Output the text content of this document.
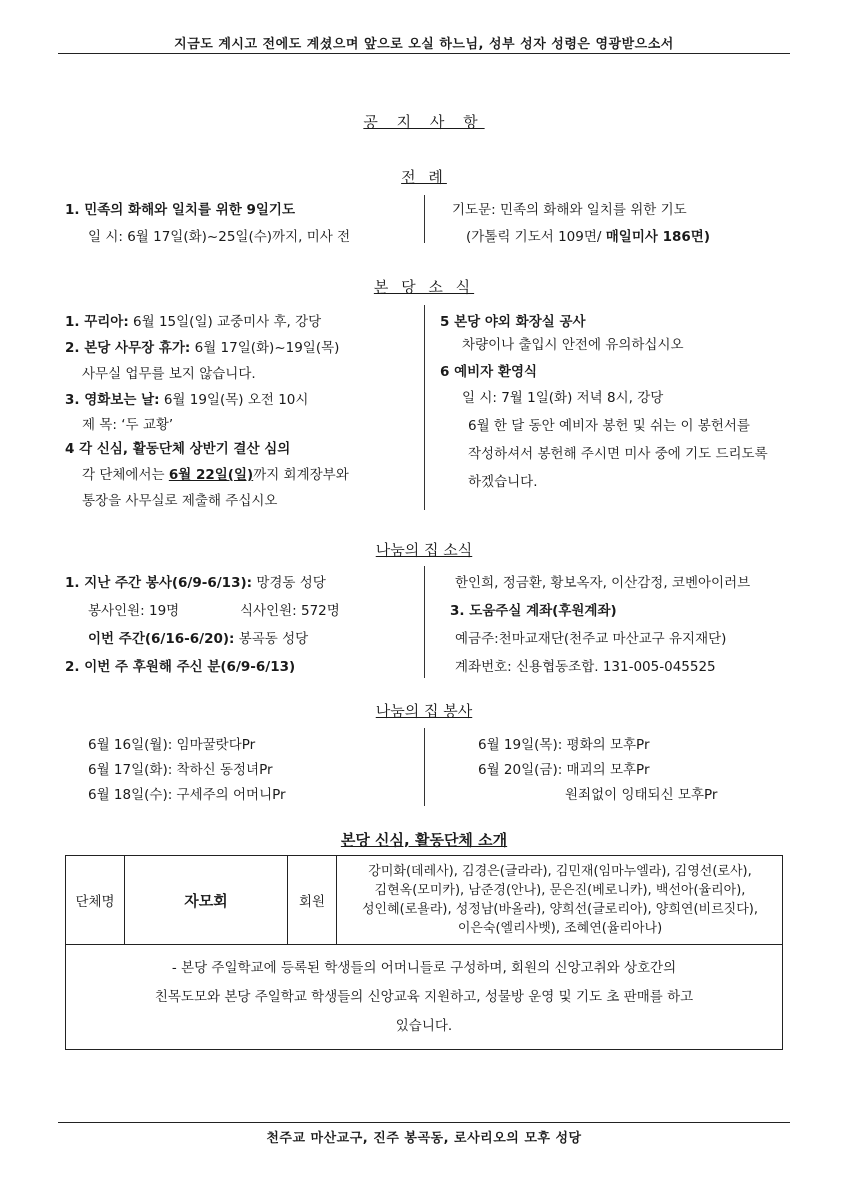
지금도 계시고 전에도 계셨으며 앞으로 오실 하느님, 성부 성자 성령은 영광받으소서
공 지 사 항
전 례
1. 민족의 화해와 일치를 위한 9일기도
일 시: 6월 17일(화)~25일(수)까지, 미사 전
기도문: 민족의 화해와 일치를 위한 기도
(가톨릭 기도서 109면/ 매일미사 186면)
본 당 소 식
1. 꾸리아: 6월 15일(일) 교중미사 후, 강당
2. 본당 사무장 휴가: 6월 17일(화)~19일(목)
사무실 업무를 보지 않습니다.
3. 영화보는 날: 6월 19일(목) 오전 10시
제 목: ‘두 교황’
4 각 신심, 활동단체 상반기 결산 심의
각 단체에서는 6월 22일(일)까지 회계장부와
통장을 사무실로 제출해 주십시오
5 본당 야외 화장실 공사
차량이나 출입시 안전에 유의하십시오
6 예비자 환영식
일 시: 7월 1일(화) 저녁 8시, 강당
6월 한 달 동안 예비자 봉헌 및 쉬는 이 봉헌서를
작성하셔서 봉헌해 주시면 미사 중에 기도 드리도록
하겠습니다.
나눔의 집 소식
1. 지난 주간 봉사(6/9-6/13): 망경동 성당
봉사인원: 19명	식사인원: 572명
이번 주간(6/16-6/20): 봉곡동 성당
2. 이번 주 후원해 주신 분(6/9-6/13)
한인희, 정금환, 황보옥자, 이산감정, 코벤아이러브
3. 도움주실 계좌(후원계좌)
예금주:천마교재단(천주교 마산교구 유지재단)
계좌번호: 신용협동조합. 131-005-045525
나눔의 집 봉사
6월 16일(월): 임마꿀랏다Pr
6월 17일(화): 착하신 동정녀Pr
6월 18일(수): 구세주의 어머니Pr
6월 19일(목): 평화의 모후Pr
6월 20일(금): 매괴의 모후Pr
원죄없이 잉태되신 모후Pr
본당 신심, 활동단체 소개
단체명	자모회	회원
강미화(데레사), 김경은(글라라), 김민재(임마누엘라), 김영선(로사),
김현옥(모미카), 남준경(안나), 문은진(베로니카), 백선아(율리아),
성인혜(로욜라), 성정남(바올라), 양희선(글로리아), 양희연(비르짓다),
이은숙(엘리사벳), 조혜연(율리아나)
- 본당 주일학교에 등록된 학생들의 어머니들로 구성하며, 회원의 신앙고취와 상호간의
친목도모와 본당 주일학교 학생들의 신앙교육 지원하고, 성물방 운영 및 기도 초 판매를 하고
있습니다.
천주교 마산교구, 진주 봉곡동, 로사리오의 모후 성당
